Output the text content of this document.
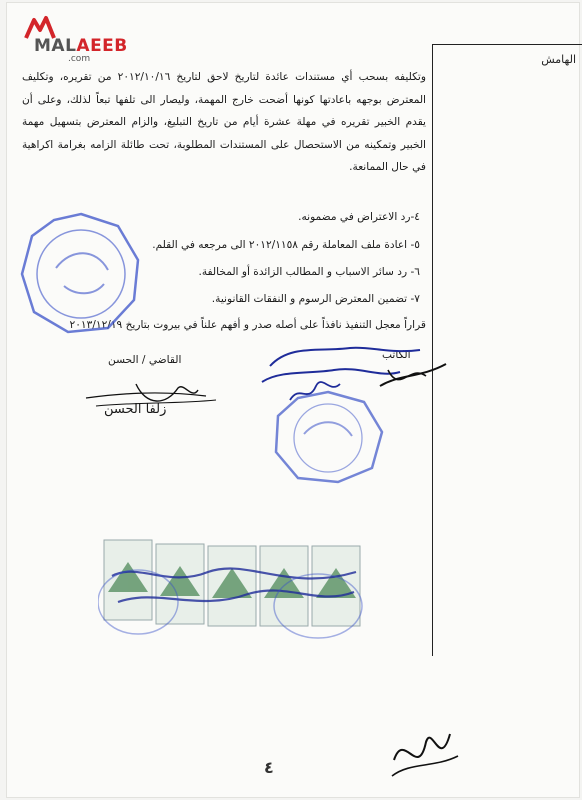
MALAEEB
.com	الهامش

وتكليفه بسحب أي مستندات عائدة لتاريخ لاحق لتاريخ ٢٠١٢/١٠/١٦ من تقريره، وتكليف المعترض بوجهه باعادتها كونها أضحت خارج المهمة، وليصار الى تلفها تبعاً لذلك، وعلى أن يقدم الخبير تقريره في مهلة عشرة أيام من تاريخ التبليغ، والزام المعترض بتسهيل مهمة الخبير وتمكينه من الاستحصال على المستندات المطلوبة، تحت طائلة الزامه بغرامة اكراهية في حال الممانعة.

٤-رد الاعتراض في مضمونه.
٥- اعادة ملف المعاملة رقم ٢٠١٢/١١٥٨ الى مرجعه في القلم.
٦- رد سائر الاسباب و المطالب الزائدة أو المخالفة.
٧- تضمين المعترض الرسوم و النفقات القانونية.
قراراً معجل التنفيذ نافذاً على أصله صدر و أفهم علناً في بيروت بتاريخ ٢٠١٣/١٢/١٩
القاضي / الحسن	الكاتب
زلفا الحسن
٤
